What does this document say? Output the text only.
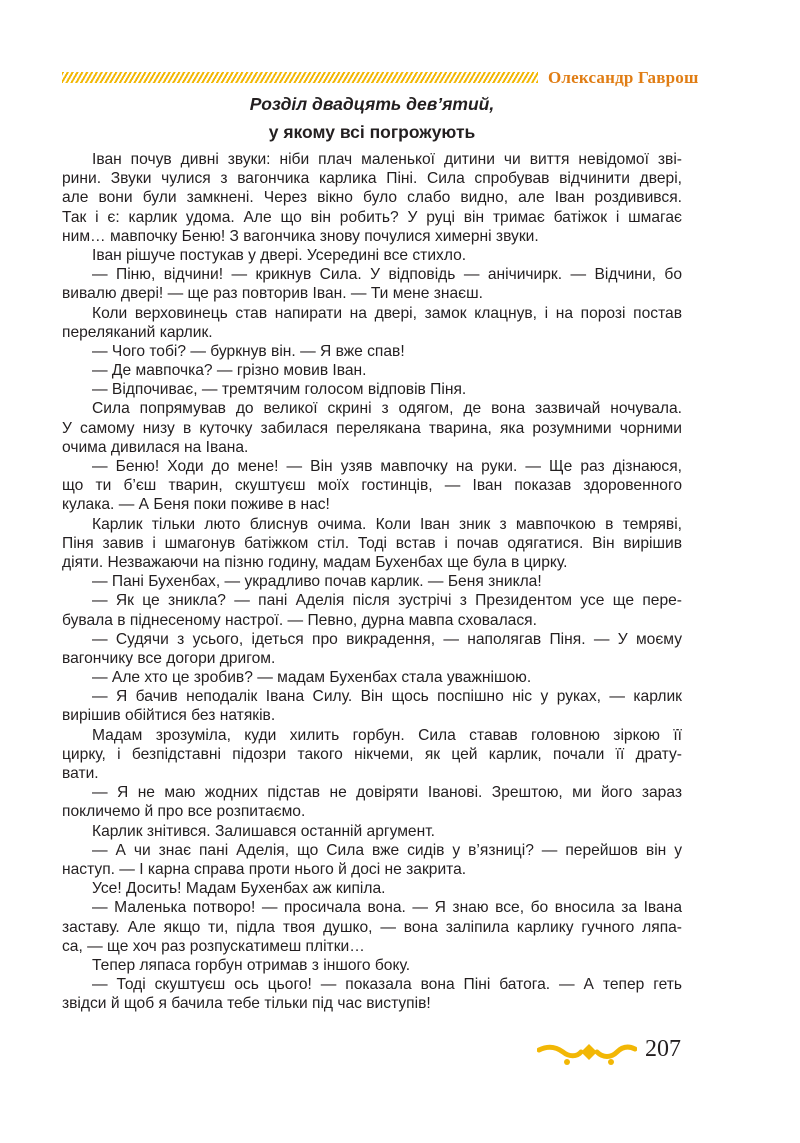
Олександр Гаврош
Розділ двадцять дев’ятий,
у якому всі погрожують
Іван почув дивні звуки: ніби плач маленької дитини чи виття невідомої зві-
рини. Звуки чулися з вагончика карлика Піні. Сила спробував відчинити двері,
але вони були замкнені. Через вікно було слабо видно, але Іван роздивився.
Так і є: карлик удома. Але що він робить? У руці він тримає батіжок і шмагає
ним… мавпочку Беню! З вагончика знову почулися химерні звуки.
Іван рішуче постукав у двері. Усередині все стихло.
— Піню, відчини! — крикнув Сила. У відповідь — анічичирк. — Відчини, бо
вивалю двері! — ще раз повторив Іван. — Ти мене знаєш.
Коли верховинець став напирати на двері, замок клацнув, і на порозі постав
переляканий карлик.
— Чого тобі? — буркнув він. — Я вже спав!
— Де мавпочка? — грізно мовив Іван.
— Відпочиває, — тремтячим голосом відповів Піня.
Сила попрямував до великої скрині з одягом, де вона зазвичай ночувала.
У самому низу в куточку забилася перелякана тварина, яка розумними чорними
очима дивилася на Івана.
— Беню! Ходи до мене! — Він узяв мавпочку на руки. — Ще раз дізнаюся,
що ти б’єш тварин, скуштуєш моїх гостинців, — Іван показав здоровенного
кулака. — А Беня поки поживе в нас!
Карлик тільки люто блиснув очима. Коли Іван зник з мавпочкою в темряві,
Піня завив і шмагонув батіжком стіл. Тоді встав і почав одягатися. Він вирішив
діяти. Незважаючи на пізню годину, мадам Бухенбах ще була в цирку.
— Пані Бухенбах, — украдливо почав карлик. — Беня зникла!
— Як це зникла? — пані Аделія після зустрічі з Президентом усе ще пере-
бувала в піднесеному настрої. — Певно, дурна мавпа сховалася.
— Судячи з усього, ідеться про викрадення, — наполягав Піня. — У моєму
вагончику все догори дригом.
— Але хто це зробив? — мадам Бухенбах стала уважнішою.
— Я бачив неподалік Івана Силу. Він щось поспішно ніс у руках, — карлик
вирішив обійтися без натяків.
Мадам зрозуміла, куди хилить горбун. Сила ставав головною зіркою її
цирку, і безпідставні підозри такого нікчеми, як цей карлик, почали її драту-
вати.
— Я не маю жодних підстав не довіряти Іванові. Зрештою, ми його зараз
покличемо й про все розпитаємо.
Карлик знітився. Залишався останній аргумент.
— А чи знає пані Аделія, що Сила вже сидів у в’язниці? — перейшов він у
наступ. — І карна справа проти нього й досі не закрита.
Усе! Досить! Мадам Бухенбах аж кипіла.
— Маленька потворо! — просичала вона. — Я знаю все, бо вносила за Івана
заставу. Але якщо ти, підла твоя душко, — вона заліпила карлику гучного ляпа-
са, — ще хоч раз розпускатимеш плітки…
Тепер ляпаса горбун отримав з іншого боку.
— Тоді скуштуєш ось цього! — показала вона Піні батога. — А тепер геть
звідси й щоб я бачила тебе тільки під час виступів!
207
